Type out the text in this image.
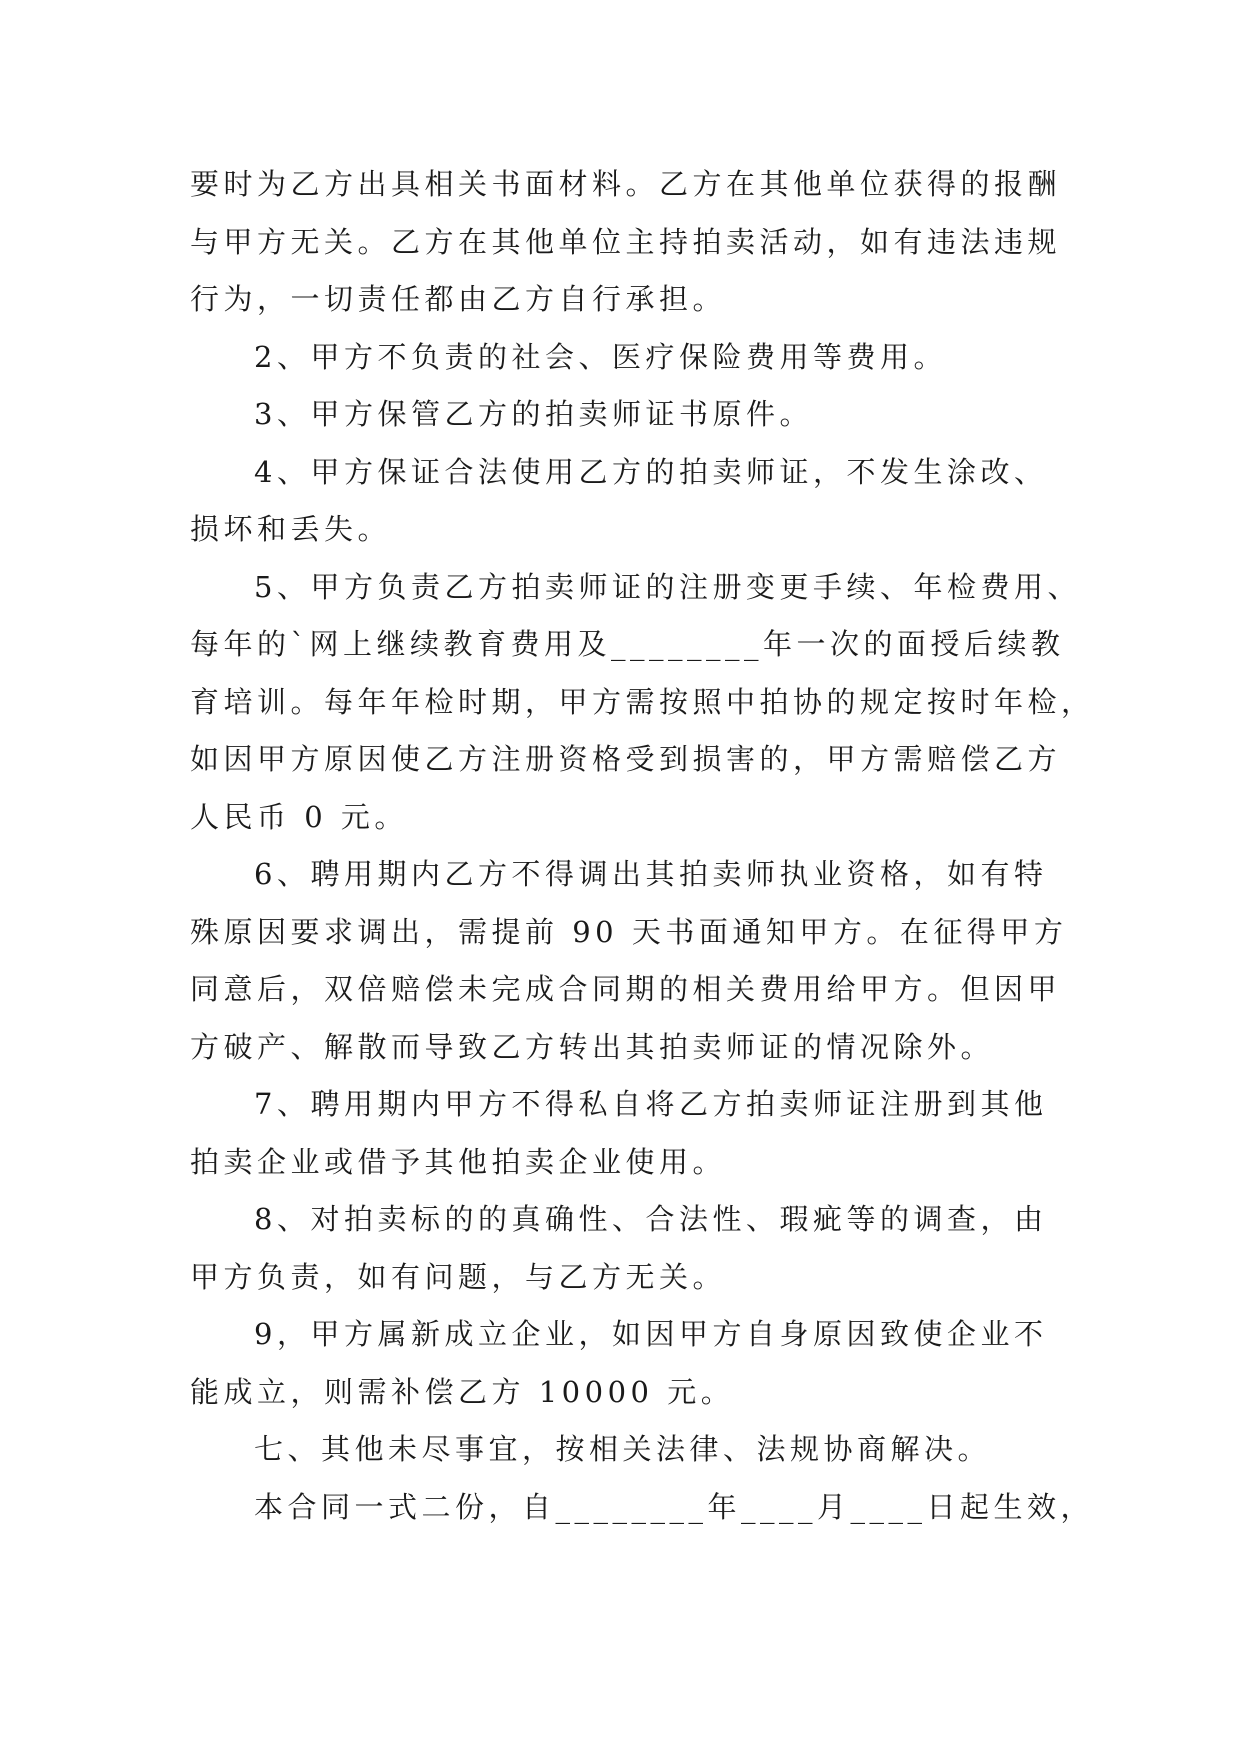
要时为乙方出具相关书面材料。乙方在其他单位获得的报酬
与甲方无关。乙方在其他单位主持拍卖活动，如有违法违规
行为，一切责任都由乙方自行承担。
2、甲方不负责的社会、医疗保险费用等费用。
3、甲方保管乙方的拍卖师证书原件。
4、甲方保证合法使用乙方的拍卖师证，不发生涂改、
损坏和丢失。
5、甲方负责乙方拍卖师证的注册变更手续、年检费用、
每年的`网上继续教育费用及________年一次的面授后续教
育培训。每年年检时期，甲方需按照中拍协的规定按时年检，
如因甲方原因使乙方注册资格受到损害的，甲方需赔偿乙方
人民币 0 元。
6、聘用期内乙方不得调出其拍卖师执业资格，如有特
殊原因要求调出，需提前 90 天书面通知甲方。在征得甲方
同意后，双倍赔偿未完成合同期的相关费用给甲方。但因甲
方破产、解散而导致乙方转出其拍卖师证的情况除外。
7、聘用期内甲方不得私自将乙方拍卖师证注册到其他
拍卖企业或借予其他拍卖企业使用。
8、对拍卖标的的真确性、合法性、瑕疵等的调查，由
甲方负责，如有问题，与乙方无关。
9，甲方属新成立企业，如因甲方自身原因致使企业不
能成立，则需补偿乙方 10000 元。
七、其他未尽事宜，按相关法律、法规协商解决。
本合同一式二份，自________年____月____日起生效，
